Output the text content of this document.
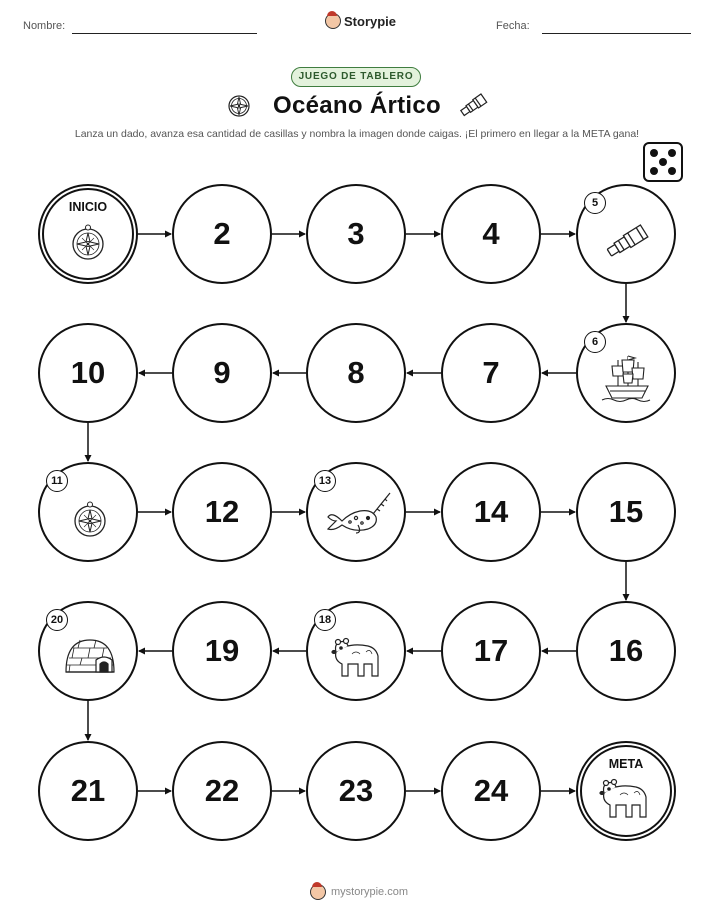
Nombre:	Storypie	Fecha:
JUEGO DE TABLERO
Océano Ártico
Lanza un dado, avanza esa cantidad de casillas y nombra la imagen donde caigas. ¡El primero en llegar a la META gana!
INICIO
2	3	4
5
6
7
8
9
10
11
12
13
14	15
16
17
18
19
20
21	22	23	24
META
mystorypie.com
